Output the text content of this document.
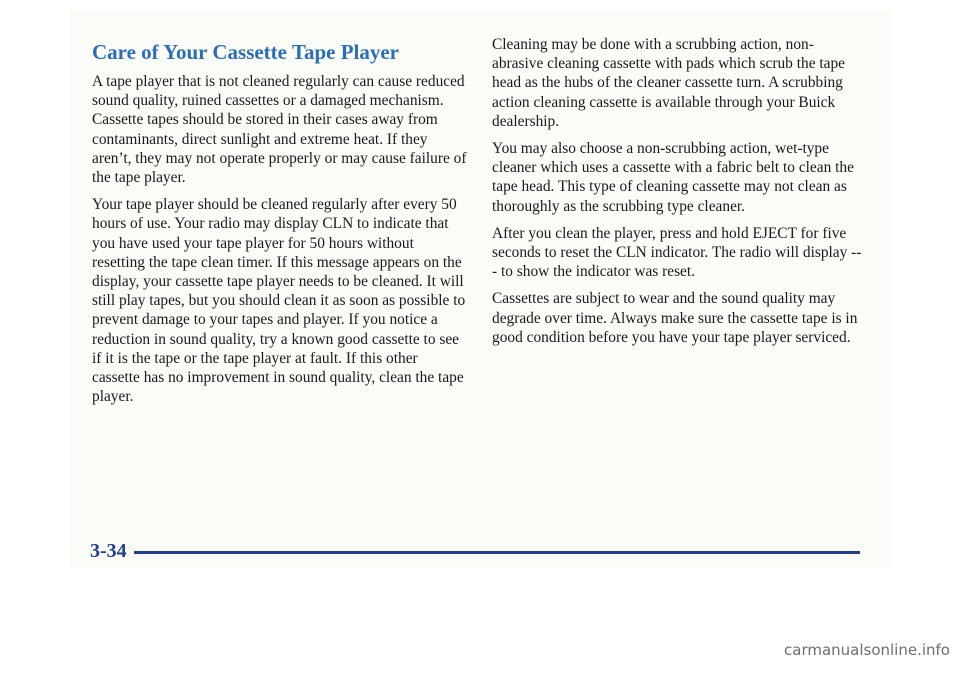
Care of Your Cassette Tape Player

A tape player that is not cleaned regularly can cause reduced sound quality, ruined cassettes or a damaged mechanism. Cassette tapes should be stored in their cases away from contaminants, direct sunlight and extreme heat. If they aren’t, they may not operate properly or may cause failure of the tape player.

Your tape player should be cleaned regularly after every 50 hours of use. Your radio may display CLN to indicate that you have used your tape player for 50 hours without resetting the tape clean timer. If this message appears on the display, your cassette tape player needs to be cleaned. It will still play tapes, but you should clean it as soon as possible to prevent damage to your tapes and player. If you notice a reduction in sound quality, try a known good cassette to see if it is the tape or the tape player at fault. If this other cassette has no improvement in sound quality, clean the tape player.

Cleaning may be done with a scrubbing action, non-abrasive cleaning cassette with pads which scrub the tape head as the hubs of the cleaner cassette turn. A scrubbing action cleaning cassette is available through your Buick dealership.

You may also choose a non-scrubbing action, wet-type cleaner which uses a cassette with a fabric belt to clean the tape head. This type of cleaning cassette may not clean as thoroughly as the scrubbing type cleaner.

After you clean the player, press and hold EJECT for five seconds to reset the CLN indicator. The radio will display --- to show the indicator was reset.

Cassettes are subject to wear and the sound quality may degrade over time. Always make sure the cassette tape is in good condition before you have your tape player serviced.

3-34
carmanualsonline.info
